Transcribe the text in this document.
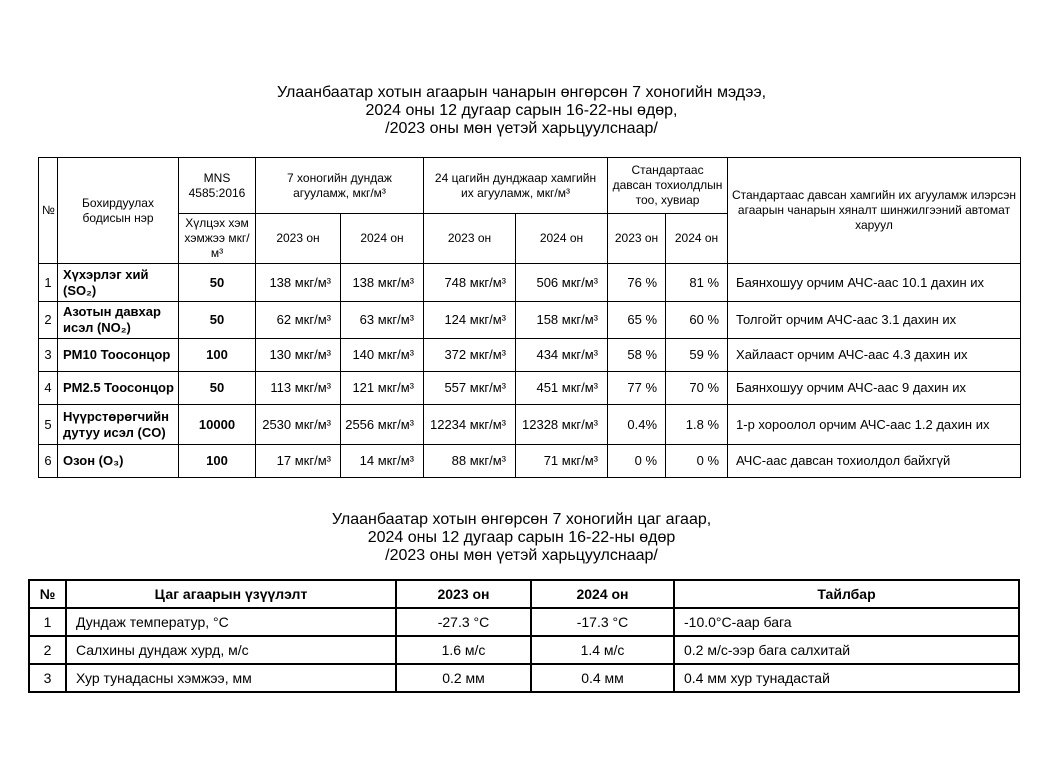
Улаанбаатар хотын агаарын чанарын өнгөрсөн 7 хоногийн мэдээ,
2024 оны 12 дугаар сарын 16-22-ны өдөр,
/2023 оны мөн үетэй харьцуулснаар/
№	Бохирдуулах бодисын нэр	MNS 4585:2016	7 хоногийн дундаж агууламж, мкг/м³		24 цагийн дунджаар хамгийн их агууламж, мкг/м³		Стандартаас давсан тохиолдлын тоо, хувиар		Стандартаас давсан хамгийн их агууламж илэрсэн агаарын чанарын хяналт шинжилгээний автомат харуул
		Хүлцэх хэм хэмжээ мкг/м³	2023 он	2024 он	2023 он	2024 он	2023 он	2024 он	
1	Хүхэрлэг хий (SO₂)	50	138 мкг/м³	138 мкг/м³	748 мкг/м³	506 мкг/м³	76 %	81 %	Баянхошуу орчим АЧС-аас 10.1 дахин их
2	Азотын давхар исэл (NO₂)	50	62 мкг/м³	63 мкг/м³	124 мкг/м³	158 мкг/м³	65 %	60 %	Толгойт орчим АЧС-аас 3.1 дахин их
3	PM10 Тоосонцор	100	130 мкг/м³	140 мкг/м³	372 мкг/м³	434 мкг/м³	58 %	59 %	Хайлааст орчим АЧС-аас 4.3 дахин их
4	PM2.5 Тоосонцор	50	113 мкг/м³	121 мкг/м³	557 мкг/м³	451 мкг/м³	77 %	70 %	Баянхошуу орчим АЧС-аас 9 дахин их
5	Нүүрстөрөгчийн дутуу исэл (CO)	10000	2530 мкг/м³	2556 мкг/м³	12234 мкг/м³	12328 мкг/м³	0.4%	1.8 %	1-р хороолол орчим АЧС-аас 1.2 дахин их
6	Озон (O₃)	100	17 мкг/м³	14 мкг/м³	88 мкг/м³	71 мкг/м³	0 %	0 %	АЧС-аас давсан тохиолдол байхгүй
Улаанбаатар хотын өнгөрсөн 7 хоногийн цаг агаар,
2024 оны 12 дугаар сарын 16-22-ны өдөр
/2023 оны мөн үетэй харьцуулснаар/
№	Цаг агаарын үзүүлэлт	2023 он	2024 он	Тайлбар
1	Дундаж температур, °C	-27.3 °C	-17.3 °C	-10.0°C-аар бага
2	Салхины дундаж хурд, м/с	1.6 м/с	1.4 м/с	0.2 м/с-ээр бага салхитай
3	Хур тунадасны хэмжээ, мм	0.2 мм	0.4 мм	0.4 мм хур тунадастай
